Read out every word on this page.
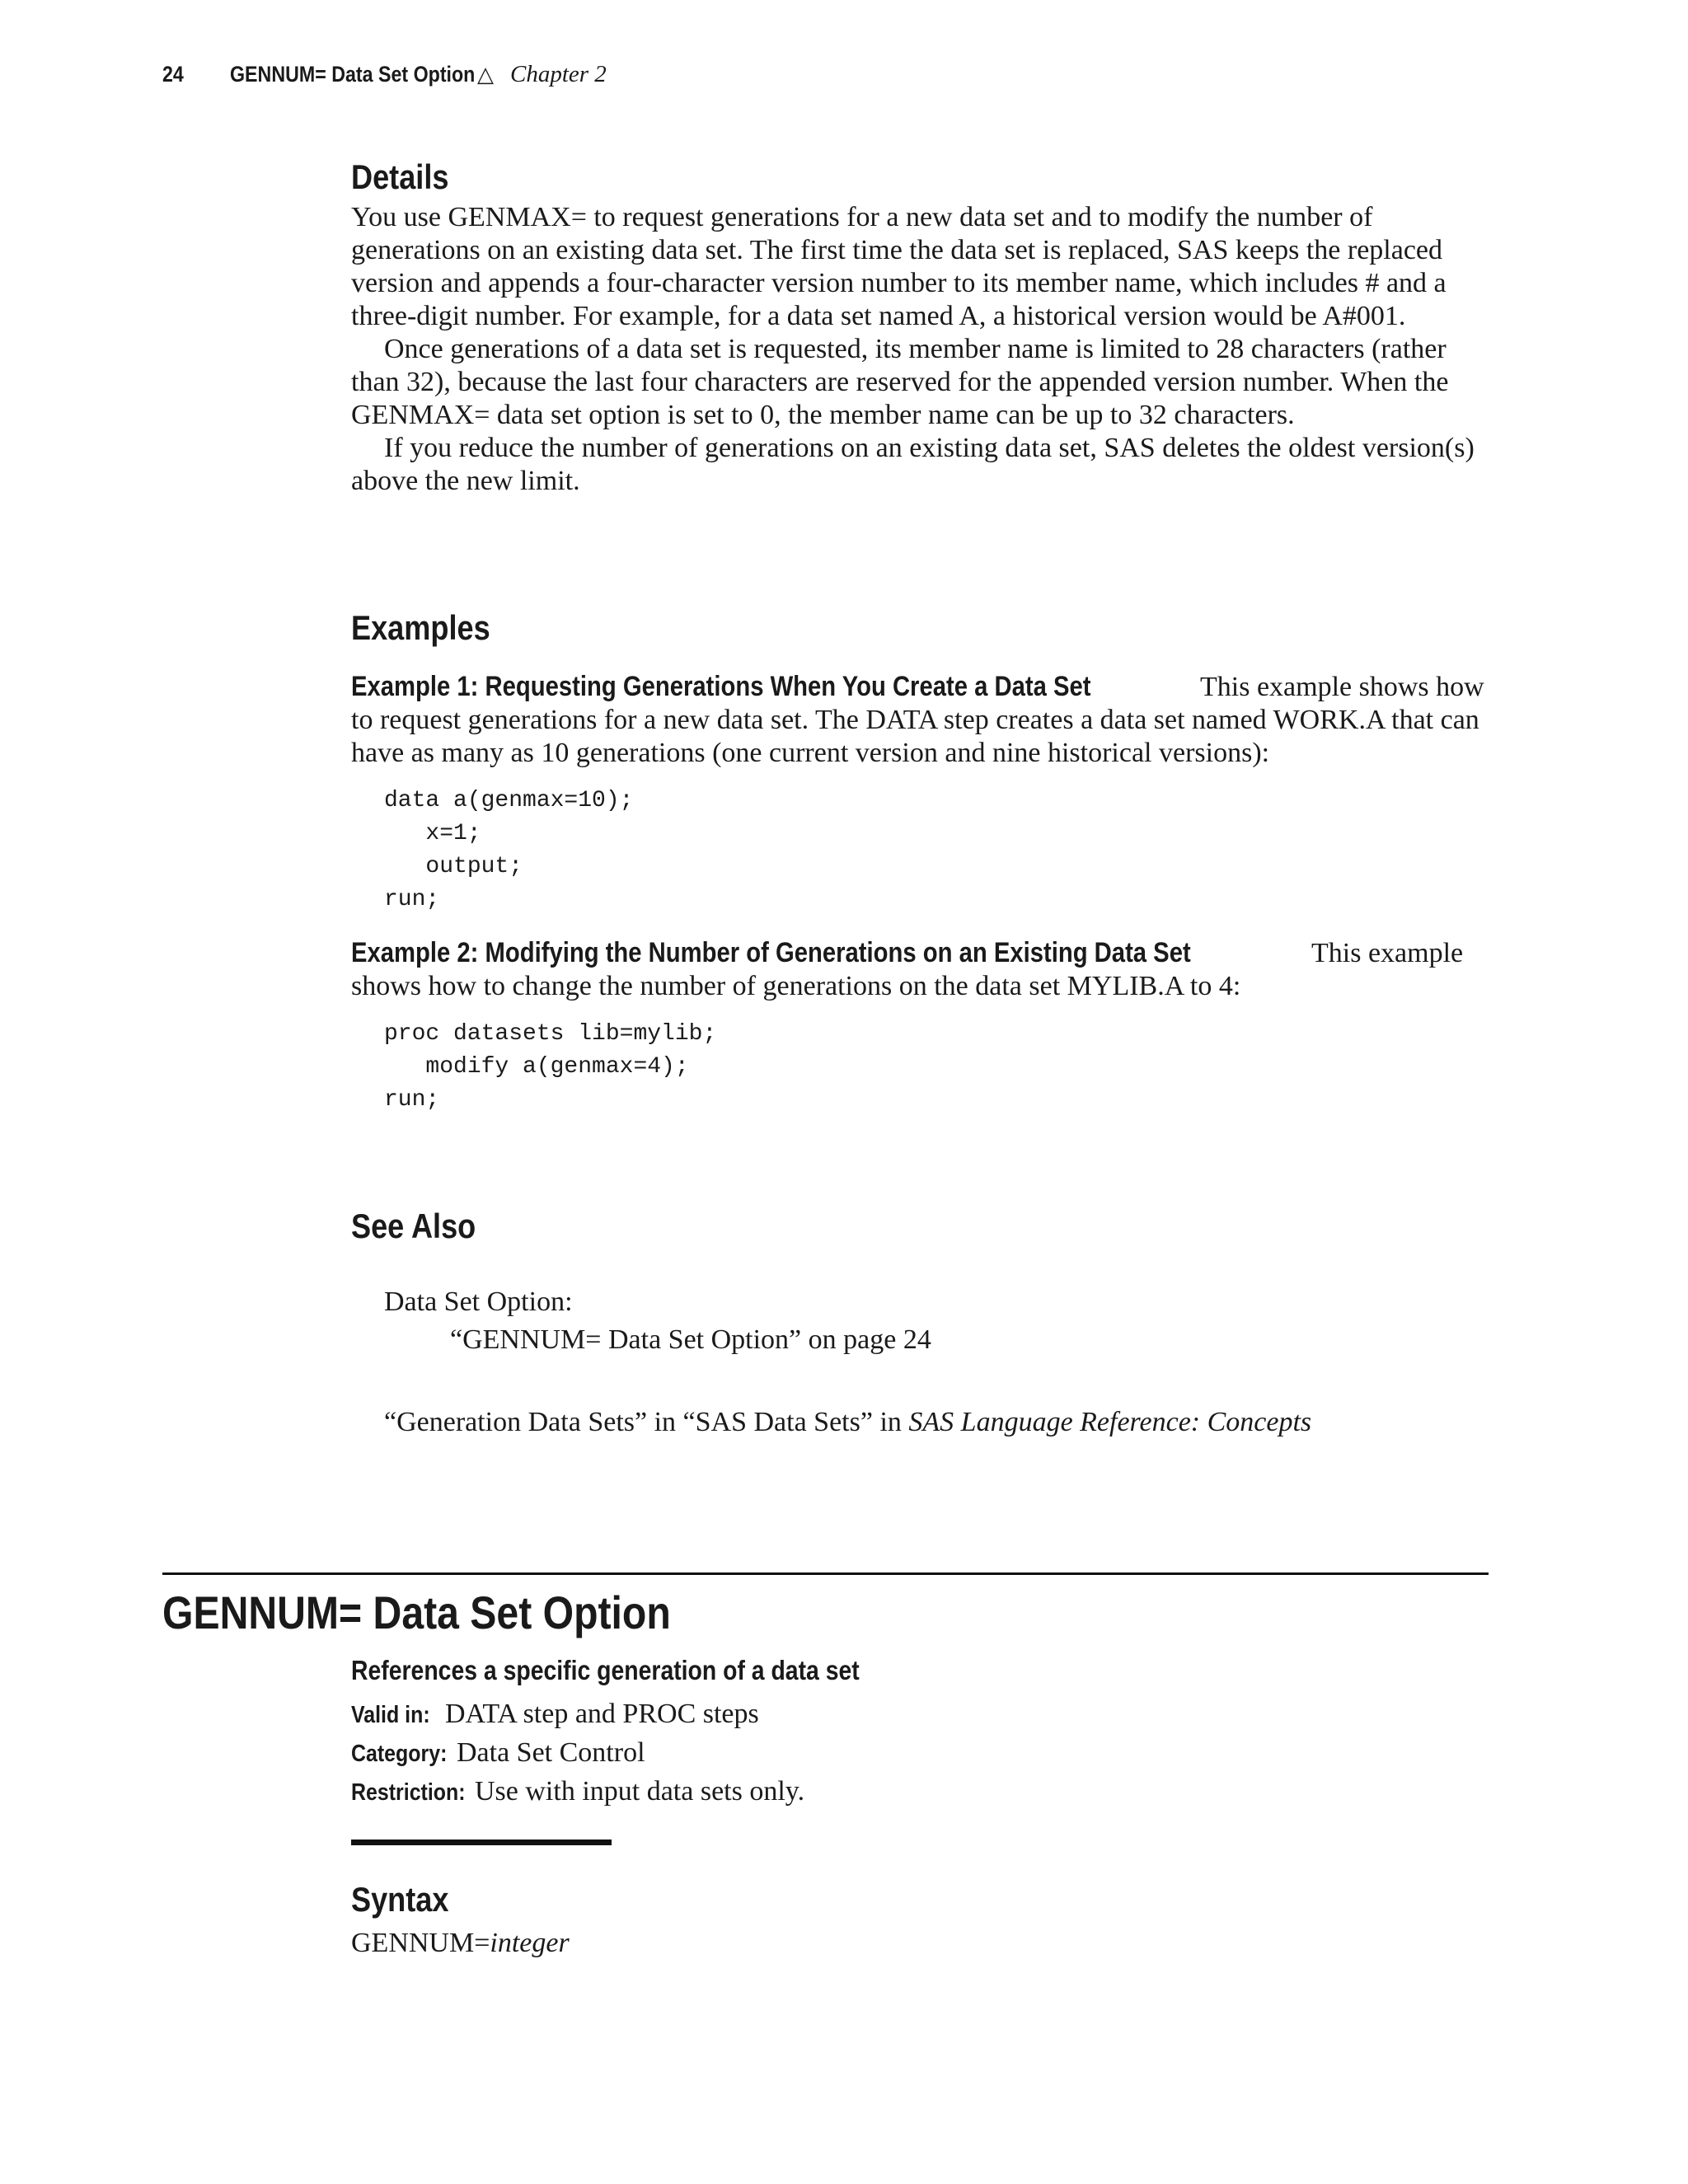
24	GENNUM= Data Set Option △ Chapter 2
Details

You use GENMAX= to request generations for a new data set and to modify the number of generations on an existing data set. The first time the data set is replaced, SAS keeps the replaced version and appends a four-character version number to its member name, which includes # and a three-digit number. For example, for a data set named A, a historical version would be A#001.

Once generations of a data set is requested, its member name is limited to 28 characters (rather than 32), because the last four characters are reserved for the appended version number. When the GENMAX= data set option is set to 0, the member name can be up to 32 characters.

If you reduce the number of generations on an existing data set, SAS deletes the oldest version(s) above the new limit.

Examples

Example 1: Requesting Generations When You Create a Data Set	This example shows how to request generations for a new data set. The DATA step creates a data set named WORK.A that can have as many as 10 generations (one current version and nine historical versions):

data a(genmax=10);
x=1;
output;
run;

Example 2: Modifying the Number of Generations on an Existing Data Set	This example shows how to change the number of generations on the data set MYLIB.A to 4:

proc datasets lib=mylib;
modify a(genmax=4);
run;
See Also
Data Set Option:
“GENNUM= Data Set Option” on page 24
“Generation Data Sets” in “SAS Data Sets” in SAS Language Reference: Concepts
GENNUM= Data Set Option
References a specific generation of a data set
Valid in: DATA step and PROC steps
Category: Data Set Control
Restriction: Use with input data sets only.
Syntax
GENNUM=integer
